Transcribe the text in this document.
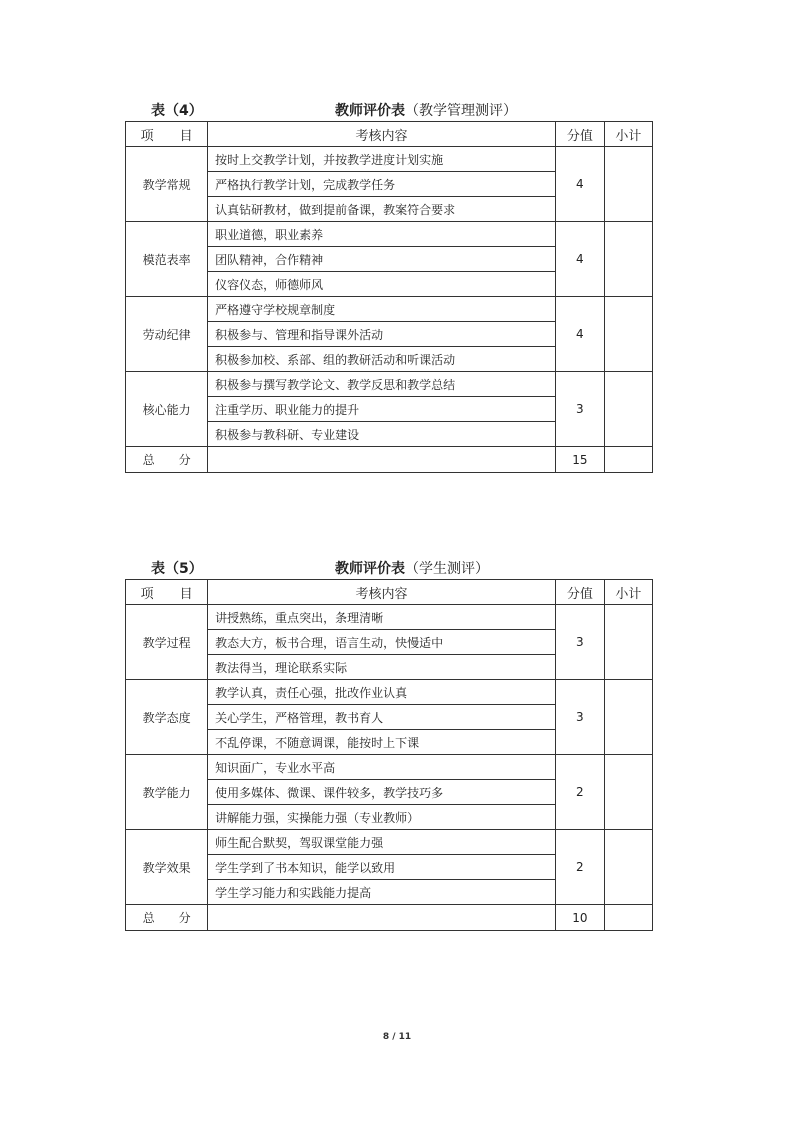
表（4）	教师评价表（教学管理测评）
项　　目	考核内容	分值	小计
教学常规	按时上交教学计划，并按教学进度计划实施	4	
	严格执行教学计划，完成教学任务		
	认真钻研教材，做到提前备课，教案符合要求		
模范表率	职业道德，职业素养	4	
	团队精神，合作精神		
	仪容仪态，师德师风		
劳动纪律	严格遵守学校规章制度	4	
	积极参与、管理和指导课外活动		
	积极参加校、系部、组的教研活动和听课活动		
核心能力	积极参与撰写教学论文、教学反思和教学总结	3	
	注重学历、职业能力的提升		
	积极参与教科研、专业建设		
总　　分		15	
表（5）	教师评价表（学生测评）
项　　目	考核内容	分值	小计
教学过程	讲授熟练，重点突出，条理清晰	3	
	教态大方，板书合理，语言生动，快慢适中		
	教法得当，理论联系实际		
教学态度	教学认真，责任心强，批改作业认真	3	
	关心学生，严格管理，教书育人		
	不乱停课，不随意调课，能按时上下课		
教学能力	知识面广，专业水平高	2	
	使用多媒体、微课、课件较多，教学技巧多		
	讲解能力强，实操能力强（专业教师）		
教学效果	师生配合默契，驾驭课堂能力强	2	
	学生学到了书本知识，能学以致用		
	学生学习能力和实践能力提高		
总　　分		10	
8 / 11
